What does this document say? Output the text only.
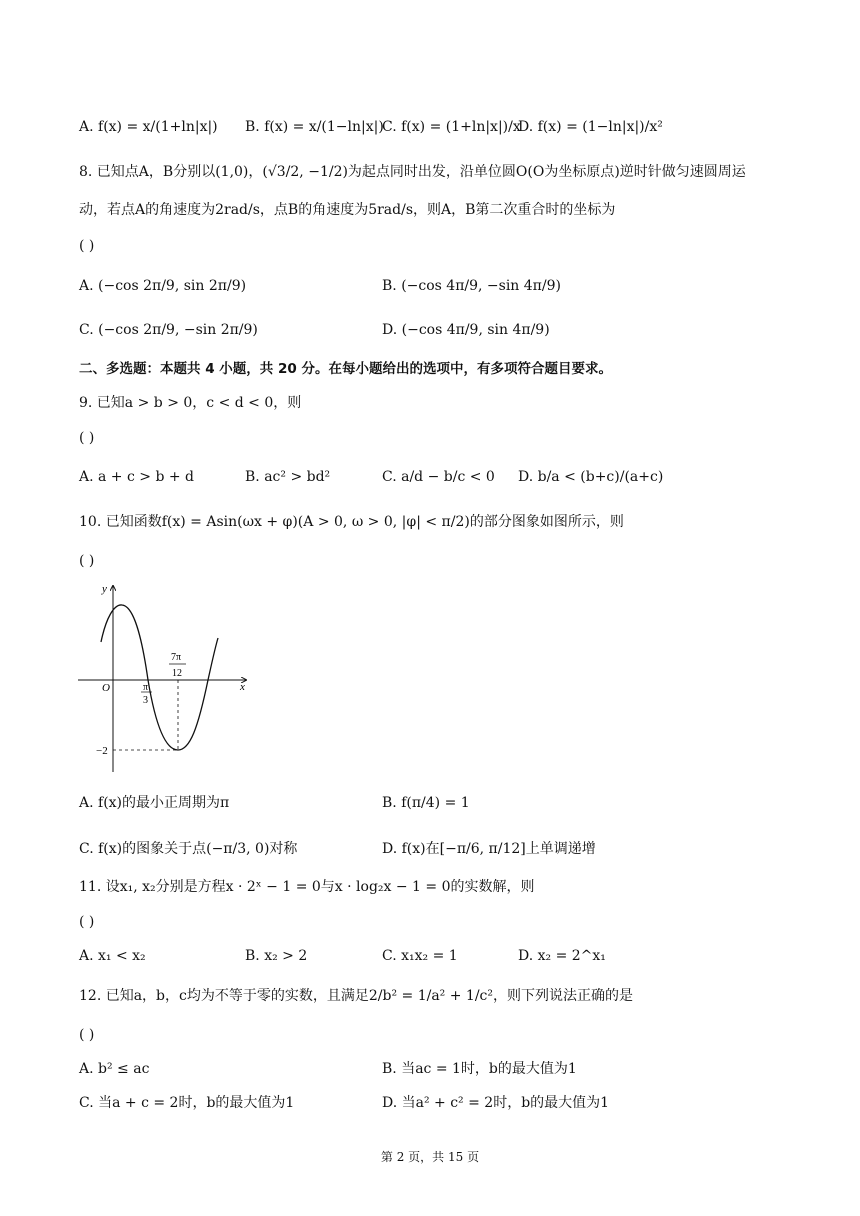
A. f(x) = x/(1+ln|x|) B. f(x) = x/(1−ln|x|)
C. f(x) = (1+ln|x|)/x
D. f(x) = (1−ln|x|)/x²
8. 已知点A，B分别以(1,0)，(√3/2, −1/2)为起点同时出发，沿单位圆O(O为坐标原点)逆时针做匀速圆周运
动，若点A的角速度为2rad/s，点B的角速度为5rad/s，则A，B第二次重合时的坐标为
( )
A. (−cos 2π/9, sin 2π/9)	B. (−cos 4π/9, −sin 4π/9)
C. (−cos 2π/9, −sin 2π/9)	D. (−cos 4π/9, sin 4π/9)
二、多选题：本题共 4 小题，共 20 分。在每小题给出的选项中，有多项符合题目要求。
9. 已知a > b > 0，c < d < 0，则
( )
A. a + c > b + d	B. ac² > bd²	C. a/d − b/c < 0 D. b/a < (b+c)/(a+c)
10. 已知函数f(x) = Asin(ωx + φ)(A > 0, ω > 0, |φ| < π/2)的部分图象如图所示，则
( )
y
x
O	π
3
7π
12
−2
A. f(x)的最小正周期为π	B. f(π/4) = 1
C. f(x)的图象关于点(−π/3, 0)对称	D. f(x)在[−π/6, π/12]上单调递增
11. 设x₁, x₂分别是方程x · 2ˣ − 1 = 0与x · log₂x − 1 = 0的实数解，则
( )
A. x₁ < x₂	B. x₂ > 2	C. x₁x₂ = 1	D. x₂ = 2^x₁
12. 已知a，b，c均为不等于零的实数，且满足2/b² = 1/a² + 1/c²，则下列说法正确的是
( )
A. b² ≤ ac	B. 当ac = 1时，b的最大值为1
C. 当a + c = 2时，b的最大值为1	D. 当a² + c² = 2时，b的最大值为1
第 2 页，共 15 页
